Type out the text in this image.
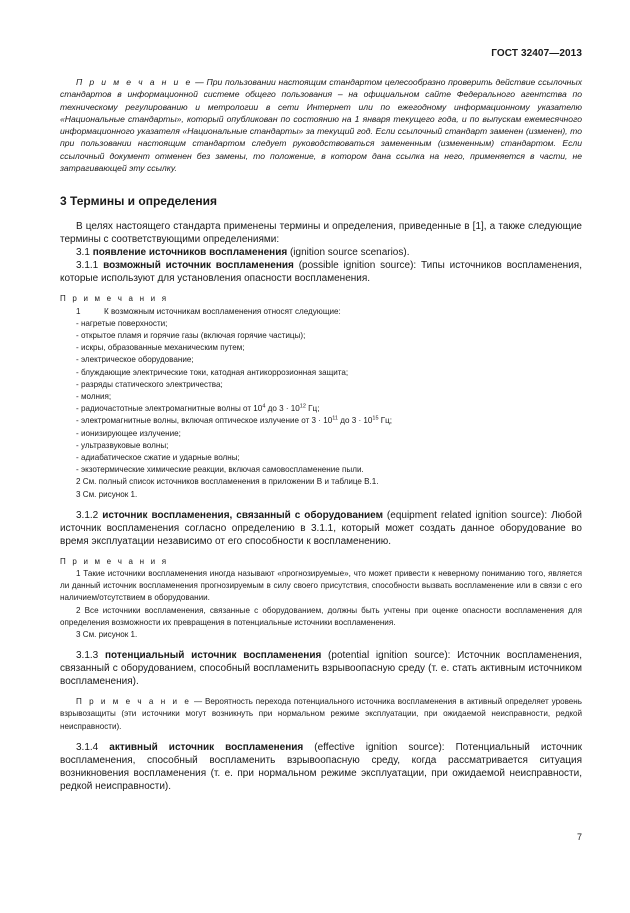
ГОСТ 32407—2013

П р и м е ч а н и е — При пользовании настоящим стандартом целесообразно проверить действие ссылочных стандартов в информационной системе общего пользования – на официальном сайте Федерального агентства по техническому регулированию и метрологии в сети Интернет или по ежегодному информационному указателю «Национальные стандарты», который опубликован по состоянию на 1 января текущего года, и по выпускам ежемесячного информационного указателя «Национальные стандарты» за текущий год. Если ссылочный стандарт заменен (изменен), то при пользовании настоящим стандартом следует руководствоваться замененным (измененным) стандартом. Если ссылочный документ отменен без замены, то положение, в котором дана ссылка на него, применяется в части, не затрагивающей эту ссылку.

3 Термины и определения

В целях настоящего стандарта применены термины и определения, приведенные в [1], а также следующие термины с соответствующими определениями:

3.1 появление источников воспламенения (ignition source scenarios).

3.1.1 возможный источник воспламенения (possible ignition source): Типы источников воспламенения, которые используют для установления опасности воспламенения.

П р и м е ч а н и я
1	К возможным источникам воспламенения относят следующие:
- нагретые поверхности;
- открытое пламя и горячие газы (включая горячие частицы);
- искры, образованные механическим путем;
- электрическое оборудование;
- блуждающие электрические токи, катодная антикоррозионная защита;
- разряды статического электричества;
- молния;
- радиочастотные электромагнитные волны от $10^4$ до $3 \cdot 10^{12}$ Гц;
- электромагнитные волны, включая оптическое излучение от $3 \cdot 10^{11}$ до $3 \cdot 10^{15}$ Гц;
- ионизирующее излучение;
- ультразвуковые волны;
- адиабатическое сжатие и ударные волны;
- экзотермические химические реакции, включая самовоспламенение пыли.
2 См. полный список источников воспламенения в приложении В и таблице В.1.
3 См. рисунок 1.

3.1.2 источник воспламенения, связанный с оборудованием (equipment related ignition source): Любой источник воспламенения согласно определению в 3.1.1, который может создать данное оборудование во время эксплуатации независимо от его способности к воспламенению.

П р и м е ч а н и я
1 Такие источники воспламенения иногда называют «прогнозируемые», что может привести к неверному пониманию того, является ли данный источник воспламенения прогнозируемым в силу своего присутствия, способности вызвать воспламенение или в связи с его наличием/отсутствием в оборудовании.
2 Все источники воспламенения, связанные с оборудованием, должны быть учтены при оценке опасности воспламенения для определения возможности их превращения в потенциальные источники воспламенения.
3 См. рисунок 1.

3.1.3 потенциальный источник воспламенения (potential ignition source): Источник воспламенения, связанный с оборудованием, способный воспламенить взрывоопасную среду (т. е. стать активным источником воспламенения).

П р и м е ч а н и е — Вероятность перехода потенциального источника воспламенения в активный определяет уровень взрывозащиты (эти источники могут возникнуть при нормальном режиме эксплуатации, при ожидаемой неисправности, редкой неисправности).

3.1.4 активный источник воспламенения (effective ignition source): Потенциальный источник воспламенения, способный воспламенить взрывоопасную среду, когда рассматривается ситуация возникновения воспламенения (т. е. при нормальном режиме эксплуатации, при ожидаемой неисправности, редкой неисправности).

7
